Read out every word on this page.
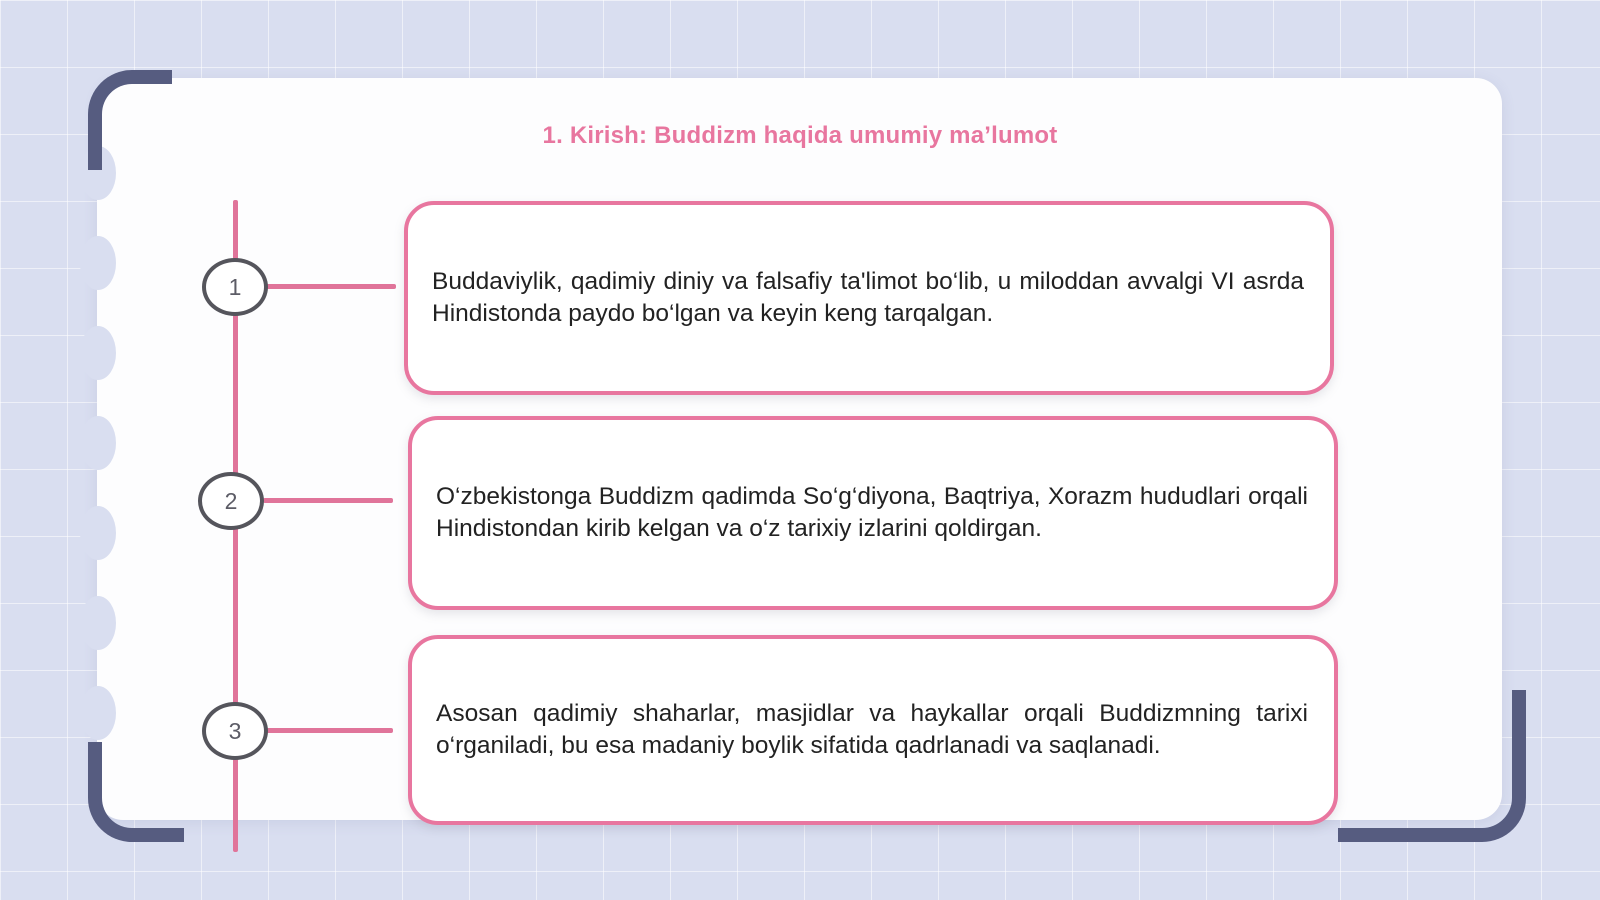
1. Kirish: Buddizm haqida umumiy ma’lumot
1	Buddaviylik, qadimiy diniy va falsafiy ta'limot bo‘lib, u miloddan avvalgi VI asrda Hindistonda paydo bo‘lgan va keyin keng tarqalgan.

2	O‘zbekistonga Buddizm qadimda So‘g‘diyona, Baqtriya, Xorazm hududlari orqali Hindistondan kirib kelgan va o‘z tarixiy izlarini qoldirgan.

3

Asosan qadimiy shaharlar, masjidlar va haykallar orqali Buddizmning tarixi o‘rganiladi, bu esa madaniy boylik sifatida qadrlanadi va saqlanadi.
